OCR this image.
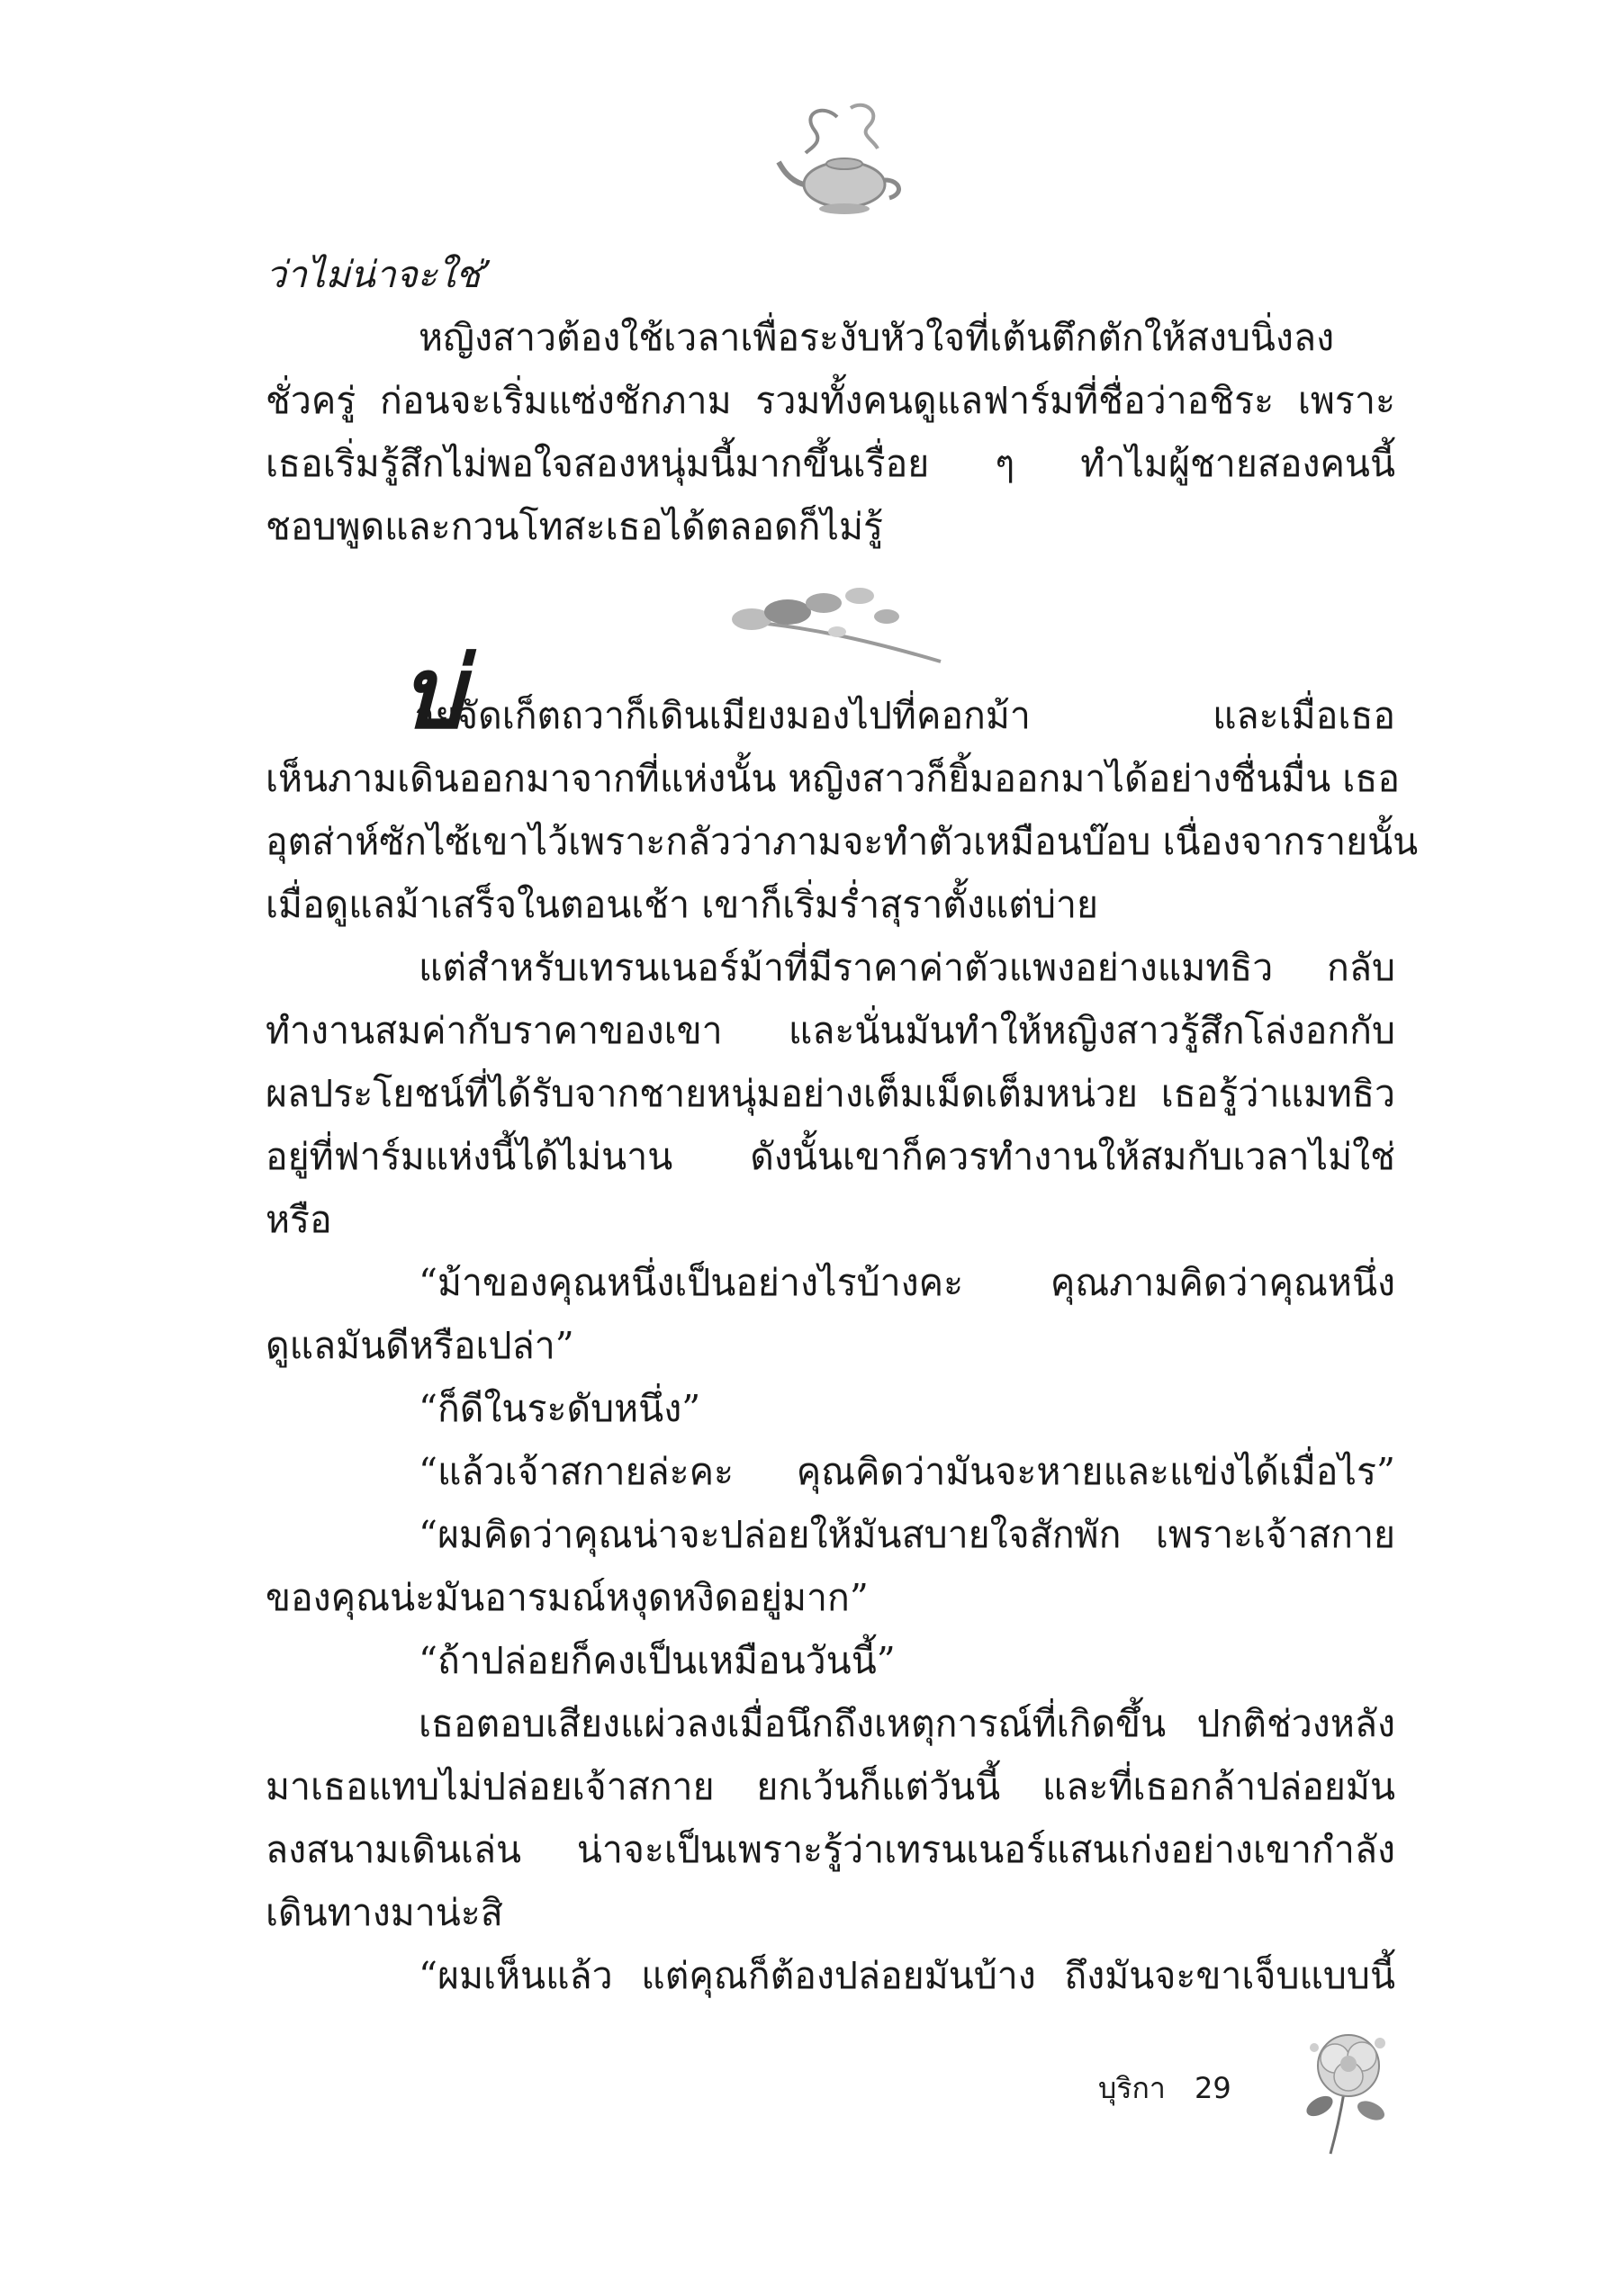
ว่าไม่น่าจะใช่’
หญิงสาวต้องใช้เวลาเพื่อระงับหัวใจที่เต้นตึกตักให้สงบนิ่งลง
ชั่วครู่ ก่อนจะเริ่มแซ่งชักภาม รวมทั้งคนดูแลฟาร์มที่ชื่อว่าอชิระ เพราะ
เธอเริ่มรู้สึกไม่พอใจสองหนุ่มนี้มากขึ้นเรื่อย ๆ ทำไมผู้ชายสองคนนี้
ชอบพูดและกวนโทสะเธอได้ตลอดก็ไม่รู้
บ่
ายจัดเก็ตถวาก็เดินเมียงมองไปที่คอกม้า และเมื่อเธอ
เห็นภามเดินออกมาจากที่แห่งนั้น หญิงสาวก็ยิ้มออกมาได้อย่างชื่นมื่น เธอ
อุตส่าห์ซักไซ้เขาไว้เพราะกลัวว่าภามจะทำตัวเหมือนบ๊อบ เนื่องจากรายนั้น
เมื่อดูแลม้าเสร็จในตอนเช้า เขาก็เริ่มร่ำสุราตั้งแต่บ่าย
แต่สำหรับเทรนเนอร์ม้าที่มีราคาค่าตัวแพงอย่างแมทธิว กลับ
ทำงานสมค่ากับราคาของเขา และนั่นมันทำให้หญิงสาวรู้สึกโล่งอกกับ
ผลประโยชน์ที่ได้รับจากชายหนุ่มอย่างเต็มเม็ดเต็มหน่วย เธอรู้ว่าแมทธิว
อยู่ที่ฟาร์มแห่งนี้ได้ไม่นาน ดังนั้นเขาก็ควรทำงานให้สมกับเวลาไม่ใช่
หรือ
“ม้าของคุณหนึ่งเป็นอย่างไรบ้างคะ คุณภามคิดว่าคุณหนึ่ง
ดูแลมันดีหรือเปล่า”
“ก็ดีในระดับหนึ่ง”
“แล้วเจ้าสกายล่ะคะ คุณคิดว่ามันจะหายและแข่งได้เมื่อไร”
“ผมคิดว่าคุณน่าจะปล่อยให้มันสบายใจสักพัก เพราะเจ้าสกาย
ของคุณน่ะมันอารมณ์หงุดหงิดอยู่มาก”
“ถ้าปล่อยก็คงเป็นเหมือนวันนี้”
เธอตอบเสียงแผ่วลงเมื่อนึกถึงเหตุการณ์ที่เกิดขึ้น ปกติช่วงหลัง
มาเธอแทบไม่ปล่อยเจ้าสกาย ยกเว้นก็แต่วันนี้ และที่เธอกล้าปล่อยมัน
ลงสนามเดินเล่น น่าจะเป็นเพราะรู้ว่าเทรนเนอร์แสนเก่งอย่างเขากำลัง
เดินทางมาน่ะสิ
“ผมเห็นแล้ว แต่คุณก็ต้องปล่อยมันบ้าง ถึงมันจะขาเจ็บแบบนี้
บุริกา 29
